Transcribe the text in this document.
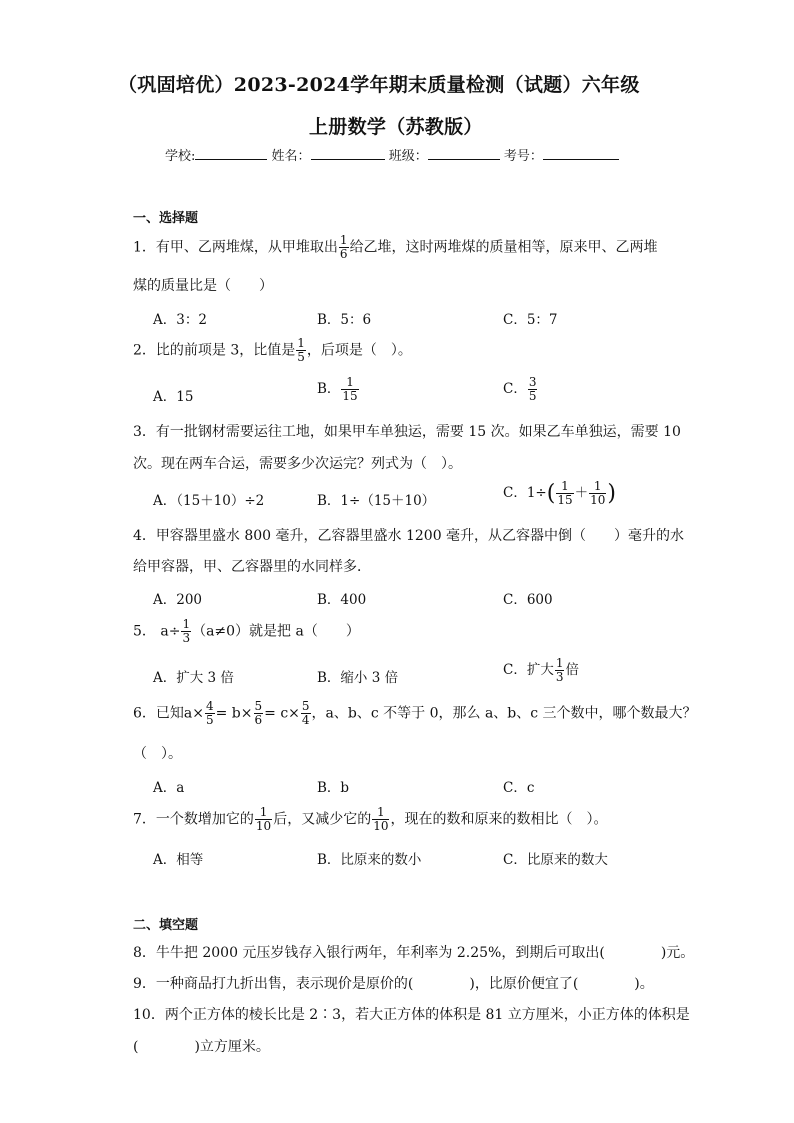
（巩固培优）2023-2024学年期末质量检测（试题）六年级
上册数学（苏教版）
学校:	姓名：	班级：	考号：
一、选择题
1．有甲、乙两堆煤，从甲堆取出 $\frac{1}{6}$ 给乙堆，这时两堆煤的质量相等，原来甲、乙两堆
煤的质量比是（　　）
A．3：2	B．5：6	C．5：7
2．比的前项是 3，比值是 $\frac{1}{5}$ ，后项是（　）。
A．15	B． $\frac{1}{15}$	C． $\frac{3}{5}$
3．有一批钢材需要运往工地，如果甲车单独运，需要 15 次。如果乙车单独运，需要 10
次。现在两车合运，需要多少次运完？列式为（　）。
A．（15＋10）÷2	B．1÷（15＋10）	C．$1\div( \frac{1}{15} + \frac{1}{10}$ )
4．甲容器里盛水 800 毫升，乙容器里盛水 1200 毫升，从乙容器中倒（　　）毫升的水
给甲容器，甲、乙容器里的水同样多．
A．200	B．400	C．600
5． $a\div \frac{1}{3} (a\ne 0)$就是把 a（　　）
A．扩大 3 倍	B．缩小 3 倍	C．扩大 $\frac{1}{3}$ 倍
6．已知$a\times \frac{4}{5} = b\times \frac{5}{6} = c\times \frac{5}{4}$ ，a、b、c 不等于 0，那么 a、b、c 三个数中，哪个数最大？
（　）。
A．a	B．b	C．c
7．一个数增加它的 $\frac{1}{10}$ 后，又减少它的 $\frac{1}{10}$ ，现在的数和原来的数相比（　）。
A．相等	B．比原来的数小	C．比原来的数大
二、填空题
8．牛牛把 2000 元压岁钱存入银行两年，年利率为 2.25%，到期后可取出(　　　　)元。
9．一种商品打九折出售，表示现价是原价的(　　　　)，比原价便宜了(　　　　)。
10．两个正方体的棱长比是 2∶3，若大正方体的体积是 81 立方厘米，小正方体的体积是
(　　　　)立方厘米。
